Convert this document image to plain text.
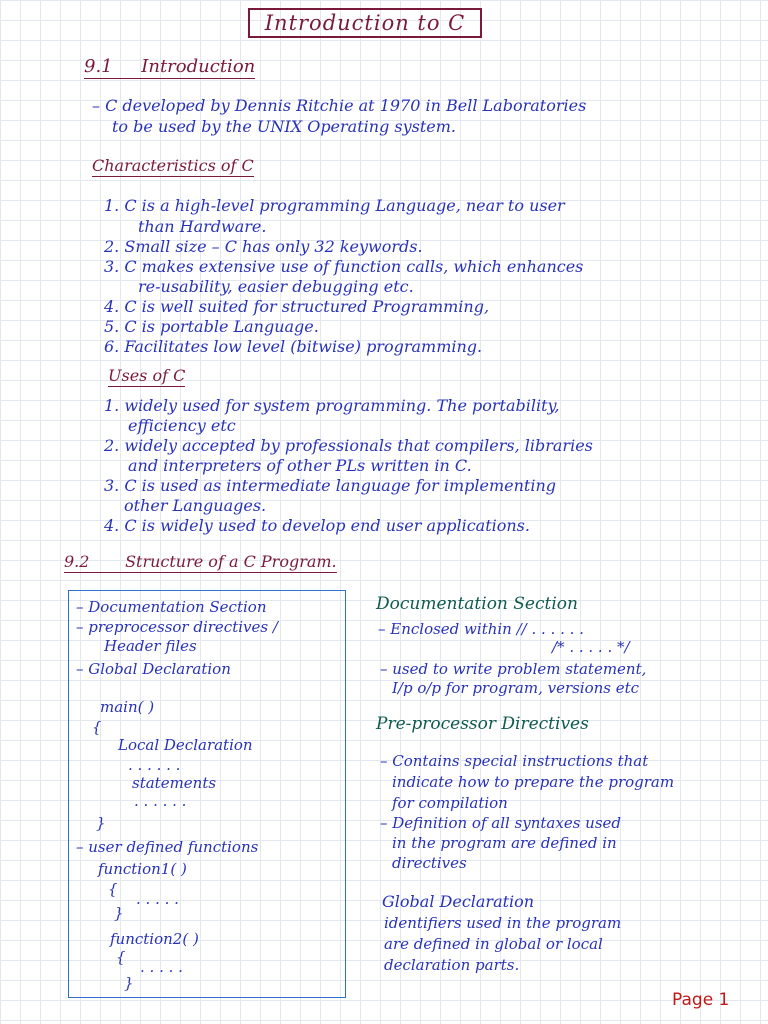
Introduction to C
9.1 Introduction
– C developed by Dennis Ritchie at 1970 in Bell Laboratories
to be used by the UNIX Operating system.
Characteristics of C
1. C is a high-level programming Language, near to user
than Hardware.
2. Small size – C has only 32 keywords.
3. C makes extensive use of function calls, which enhances
re-usability, easier debugging etc.
4. C is well suited for structured Programming,
5. C is portable Language.
6. Facilitates low level (bitwise) programming.
Uses of C
1. widely used for system programming. The portability,
efficiency etc
2. widely accepted by professionals that compilers, libraries
and interpreters of other PLs written in C.
3. C is used as intermediate language for implementing
other Languages.
4. C is widely used to develop end user applications.
9.2 Structure of a C Program.
– Documentation Section
– preprocessor directives /
Header files
– Global Declaration
main( )
{
Local Declaration
. . . . . .
statements
. . . . . .
}
– user defined functions
function1( )
{
. . . . .
}
function2( )
{
. . . . .
}
Documentation Section
– Enclosed within // . . . . . .
/* . . . . . */
– used to write problem statement,
I/p o/p for program, versions etc
Pre-processor Directives
– Contains special instructions that
indicate how to prepare the program
for compilation
– Definition of all syntaxes used
in the program are defined in
directives
Global Declaration
identifiers used in the program
are defined in global or local
declaration parts.
Page 1
